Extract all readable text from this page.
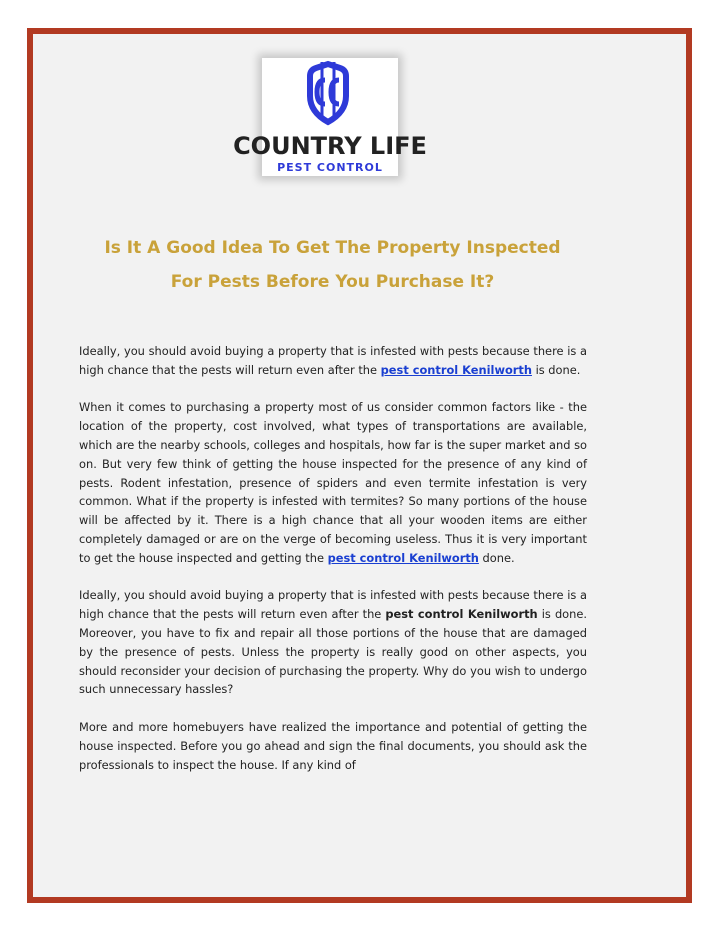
COUNTRY LIFE
PEST CONTROL
Is It A Good Idea To Get The Property Inspected
For Pests Before You Purchase It?

Ideally, you should avoid buying a property that is infested with pests because there is a high chance that the pests will return even after the pest control Kenilworth is done.

When it comes to purchasing a property most of us consider common factors like - the location of the property, cost involved, what types of transportations are available, which are the nearby schools, colleges and hospitals, how far is the super market and so on. But very few think of getting the house inspected for the presence of any kind of pests. Rodent infestation, presence of spiders and even termite infestation is very common. What if the property is infested with termites? So many portions of the house will be affected by it. There is a high chance that all your wooden items are either completely damaged or are on the verge of becoming useless. Thus it is very important to get the house inspected and getting the pest control Kenilworth done.

Ideally, you should avoid buying a property that is infested with pests because there is a high chance that the pests will return even after the pest control Kenilworth is done. Moreover, you have to fix and repair all those portions of the house that are damaged by the presence of pests. Unless the property is really good on other aspects, you should reconsider your decision of purchasing the property. Why do you wish to undergo such unnecessary hassles?

More and more homebuyers have realized the importance and potential of getting the house inspected. Before you go ahead and sign the final documents, you should ask the professionals to inspect the house. If any kind of
